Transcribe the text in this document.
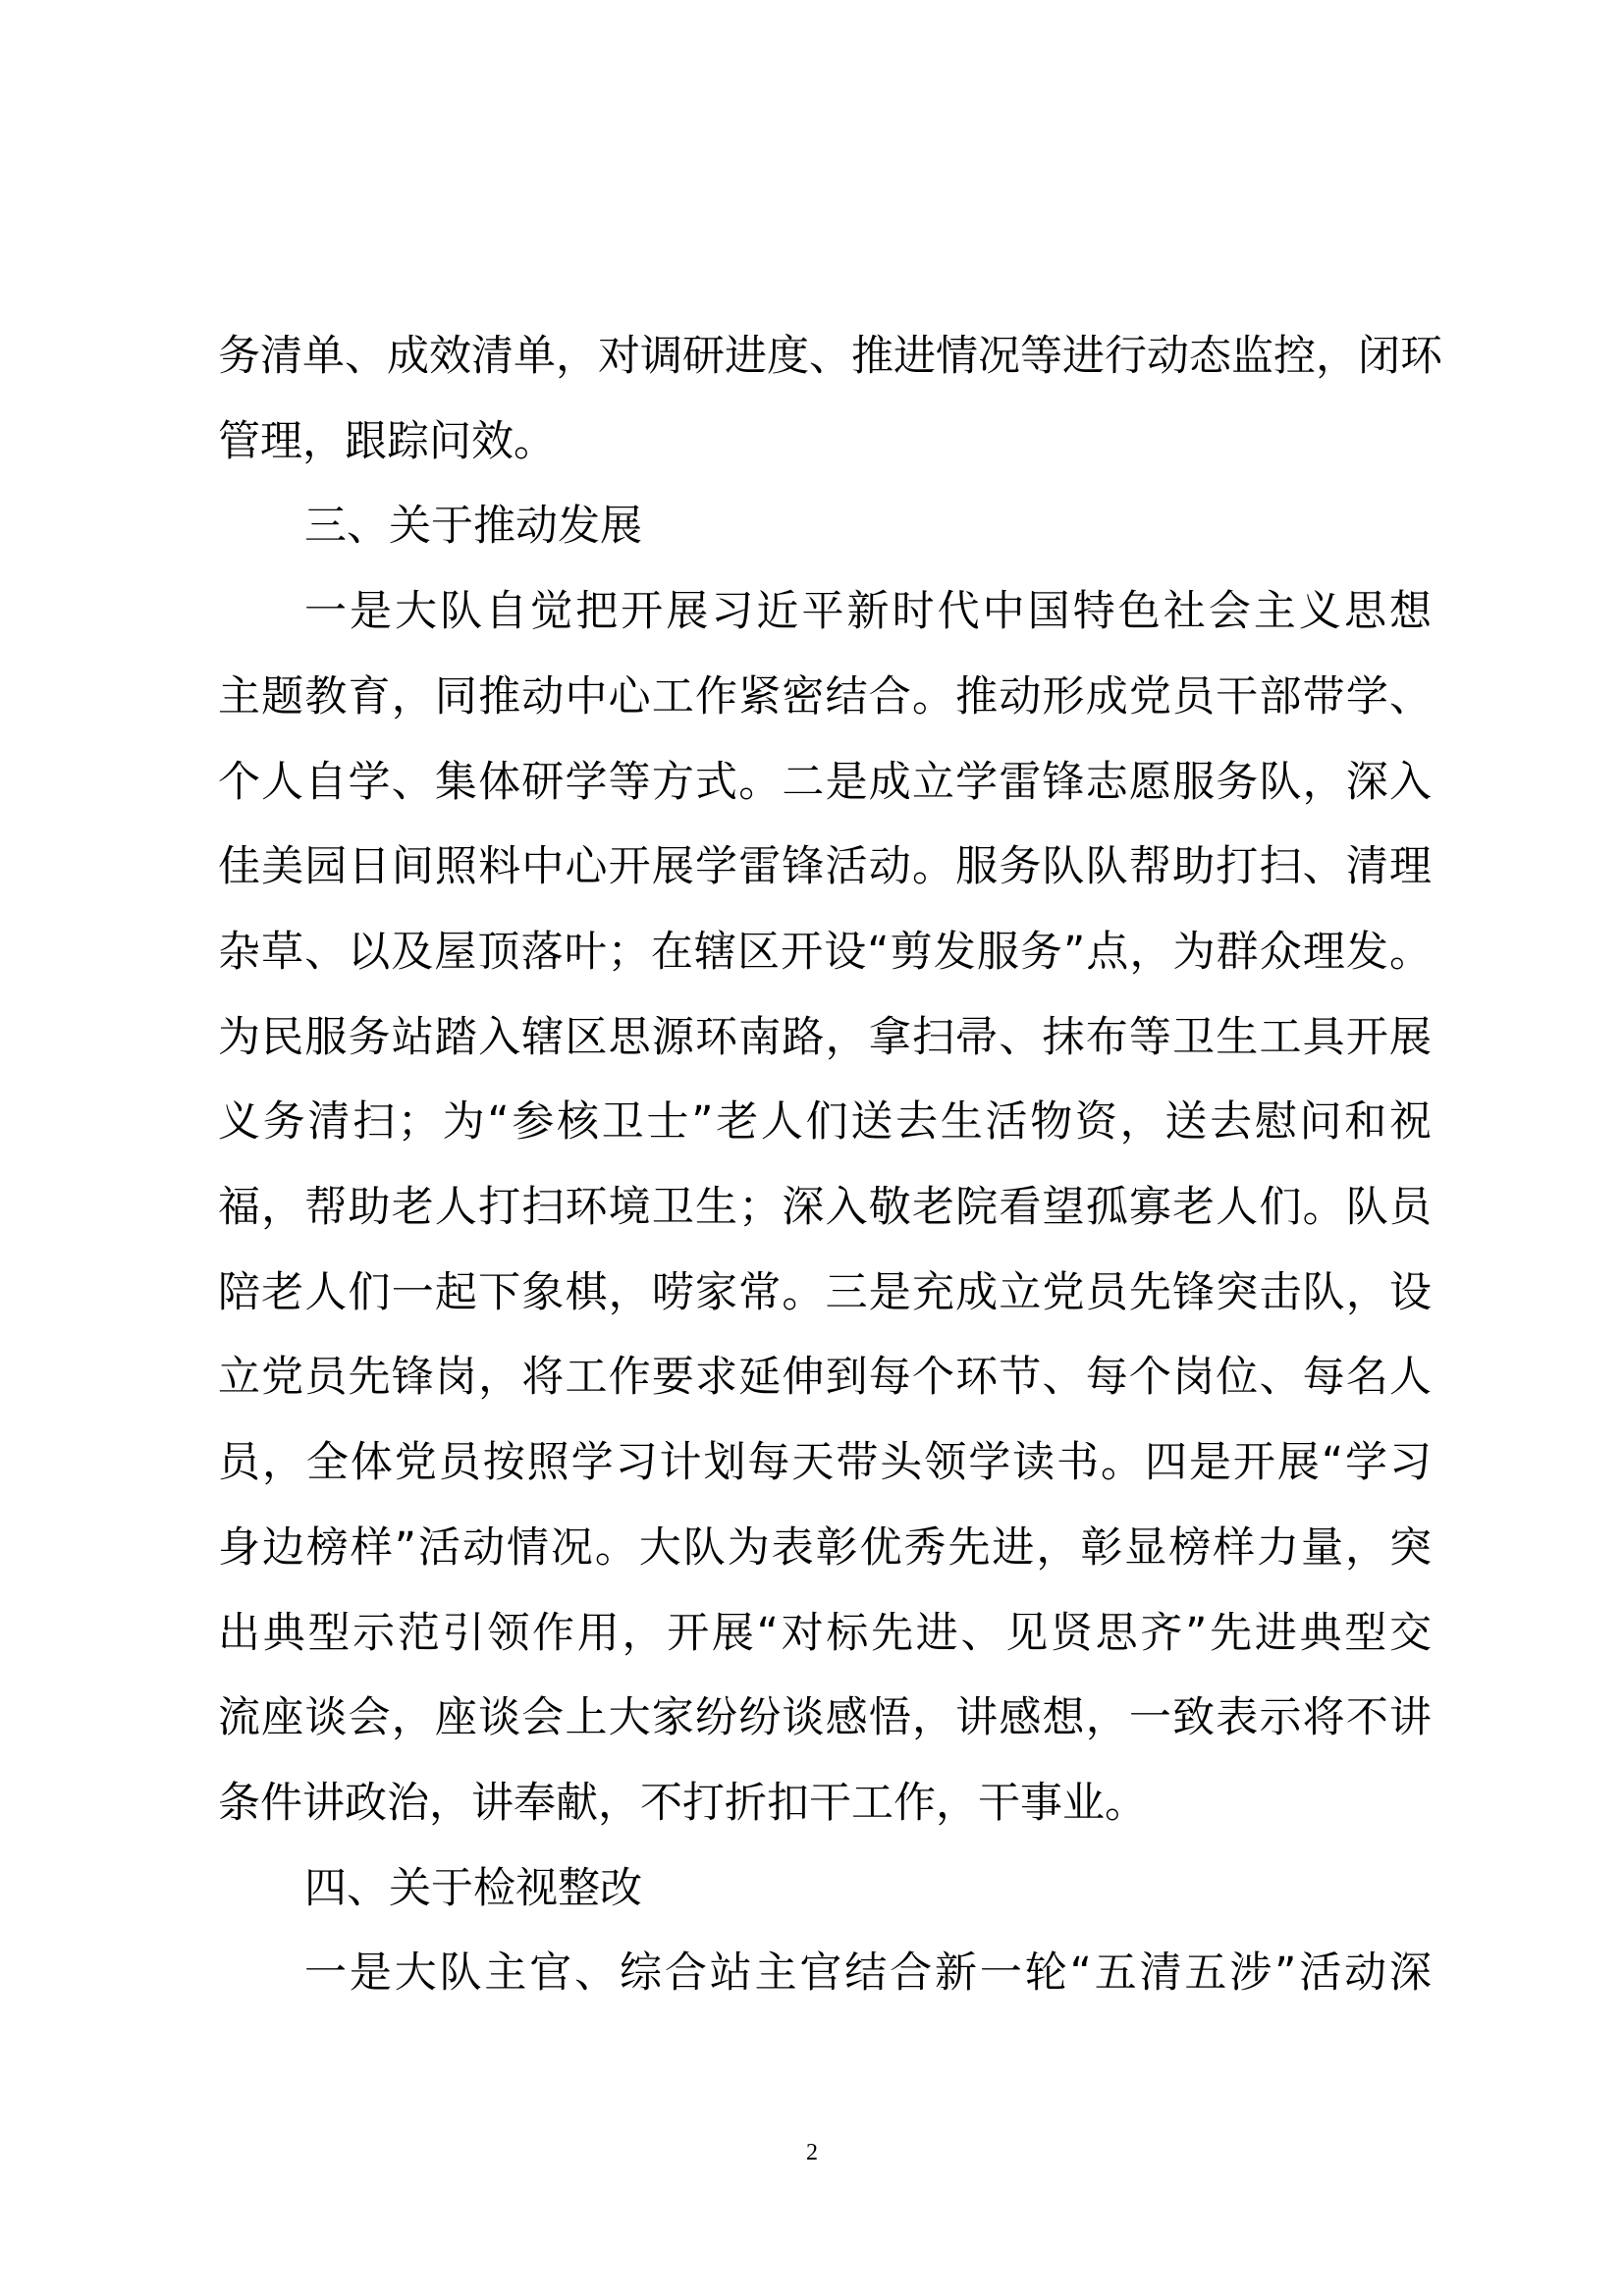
务清单、成效清单，对调研进度、推进情况等进行动态监控，闭环
管理，跟踪问效。
三、关于推动发展
一是大队自觉把开展习近平新时代中国特色社会主义思想
主题教育，同推动中心工作紧密结合。推动形成党员干部带学、
个人自学、集体研学等方式。二是成立学雷锋志愿服务队，深入
佳美园日间照料中心开展学雷锋活动。服务队队帮助打扫、清理
杂草、以及屋顶落叶；在辖区开设“剪发服务”点，为群众理发。
为民服务站踏入辖区思源环南路，拿扫帚、抹布等卫生工具开展
义务清扫；为“参核卫士”老人们送去生活物资，送去慰问和祝
福，帮助老人打扫环境卫生；深入敬老院看望孤寡老人们。队员
陪老人们一起下象棋，唠家常。三是充成立党员先锋突击队，设
立党员先锋岗，将工作要求延伸到每个环节、每个岗位、每名人
员，全体党员按照学习计划每天带头领学读书。四是开展“学习
身边榜样”活动情况。大队为表彰优秀先进，彰显榜样力量，突
出典型示范引领作用，开展“对标先进、见贤思齐”先进典型交
流座谈会，座谈会上大家纷纷谈感悟，讲感想，一致表示将不讲
条件讲政治，讲奉献，不打折扣干工作，干事业。
四、关于检视整改
一是大队主官、综合站主官结合新一轮“五清五涉”活动深
2
